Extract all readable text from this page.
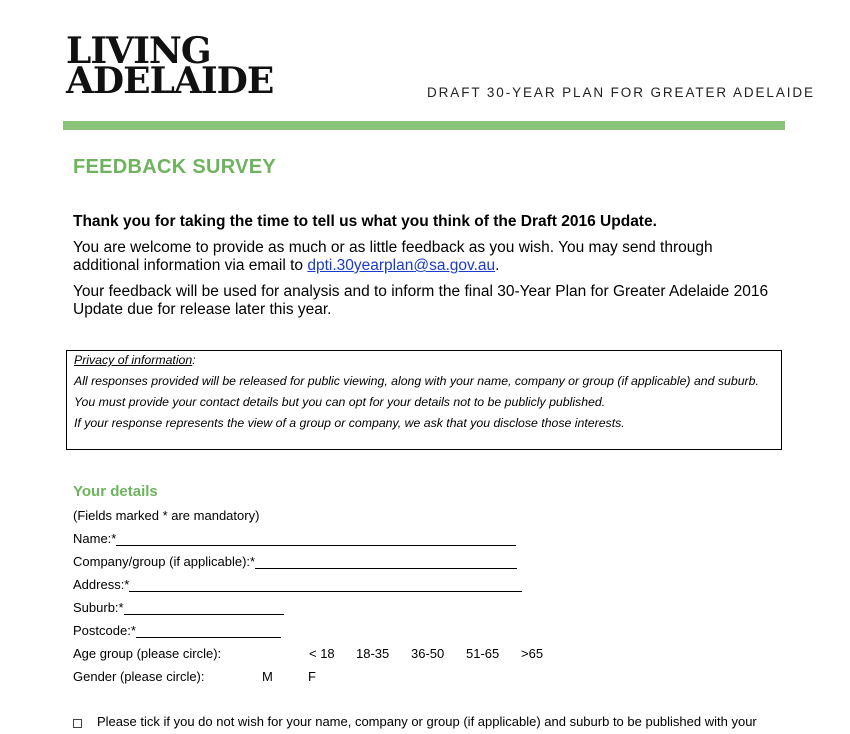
LIVING
ADELAIDE	DRAFT 30-YEAR PLAN FOR GREATER ADELAIDE
FEEDBACK SURVEY
Thank you for taking the time to tell us what you think of the Draft 2016 Update.
You are welcome to provide as much or as little feedback as you wish. You may send through additional information via email to dpti.30yearplan@sa.gov.au.
Your feedback will be used for analysis and to inform the final 30-Year Plan for Greater Adelaide 2016 Update due for release later this year.

Privacy of information:

All responses provided will be released for public viewing, along with your name, company or group (if applicable) and suburb.

You must provide your contact details but you can opt for your details not to be publicly published.

If your response represents the view of a group or company, we ask that you disclose those interests.

Your details
(Fields marked * are mandatory)
Name:*
Company/group (if applicable):*
Address:*
Suburb:*
Postcode:*
Age group (please circle):	< 18 18-35 36-50 51-65 >65
Gender (please circle):	M	F
Please tick if you do not wish for your name, company or group (if applicable) and suburb to be published with your
